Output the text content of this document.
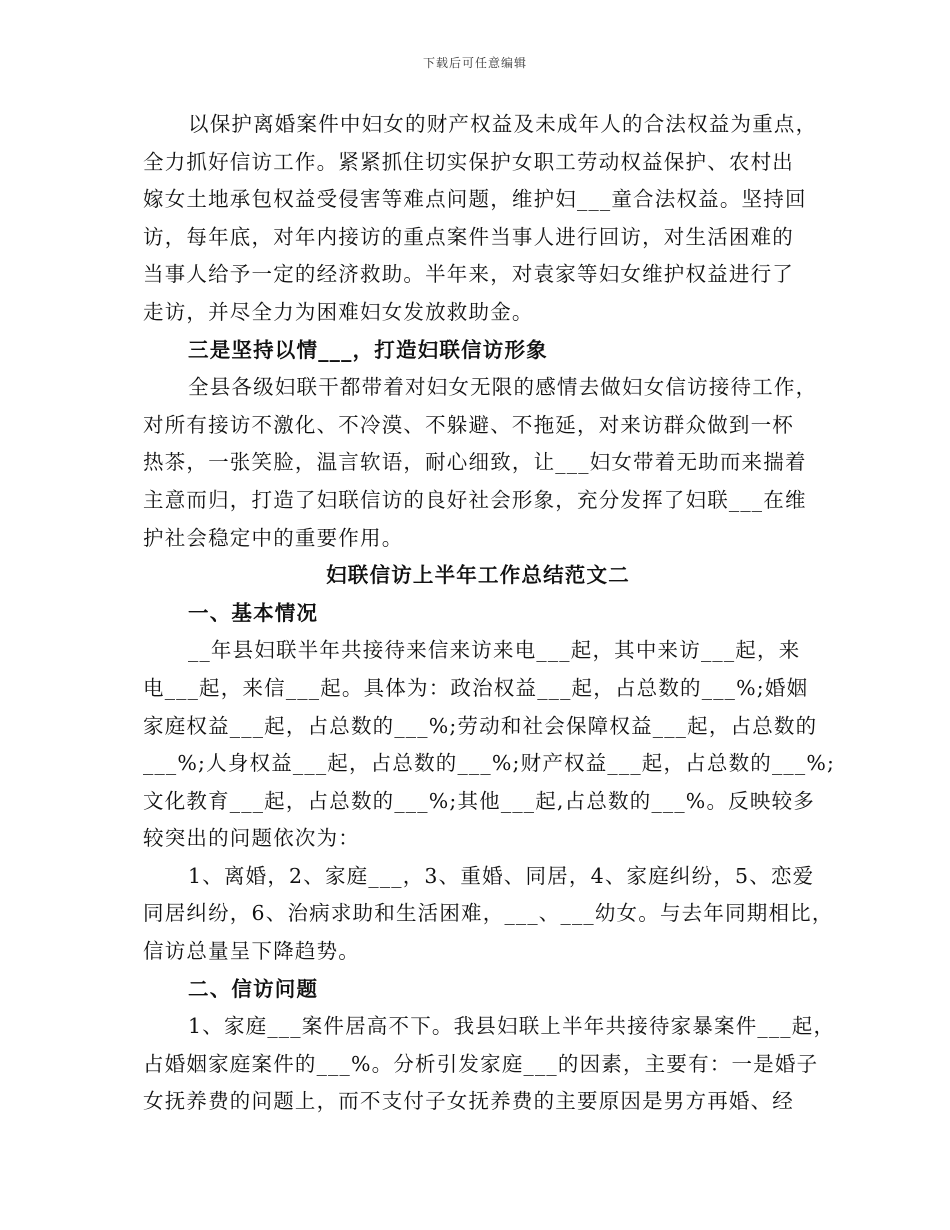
下载后可任意编辑
以保护离婚案件中妇女的财产权益及未成年人的合法权益为重点，
全力抓好信访工作。紧紧抓住切实保护女职工劳动权益保护、农村出
嫁女土地承包权益受侵害等难点问题，维护妇___童合法权益。坚持回
访，每年底，对年内接访的重点案件当事人进行回访，对生活困难的
当事人给予一定的经济救助。半年来，对袁家等妇女维护权益进行了
走访，并尽全力为困难妇女发放救助金。
三是坚持以情___，打造妇联信访形象
全县各级妇联干都带着对妇女无限的感情去做妇女信访接待工作，
对所有接访不激化、不冷漠、不躲避、不拖延，对来访群众做到一杯
热茶，一张笑脸，温言软语，耐心细致，让___妇女带着无助而来揣着
主意而归，打造了妇联信访的良好社会形象，充分发挥了妇联___在维
护社会稳定中的重要作用。
妇联信访上半年工作总结范文二
一、基本情况
__年县妇联半年共接待来信来访来电___起，其中来访___起，来
电___起，来信___起。具体为：政治权益___起，占总数的___%;婚姻
家庭权益___起，占总数的___%;劳动和社会保障权益___起，占总数的
___%;人身权益___起，占总数的___%;财产权益___起，占总数的___%;
文化教育___起，占总数的___%;其他___起,占总数的___%。反映较多
较突出的问题依次为：
1、离婚，2、家庭___，3、重婚、同居，4、家庭纠纷，5、恋爱
同居纠纷，6、治病求助和生活困难，___、___幼女。与去年同期相比，
信访总量呈下降趋势。
二、信访问题
1、家庭___案件居高不下。我县妇联上半年共接待家暴案件___起，
占婚姻家庭案件的___%。分析引发家庭___的因素，主要有：一是婚子
女抚养费的问题上，而不支付子女抚养费的主要原因是男方再婚、经
